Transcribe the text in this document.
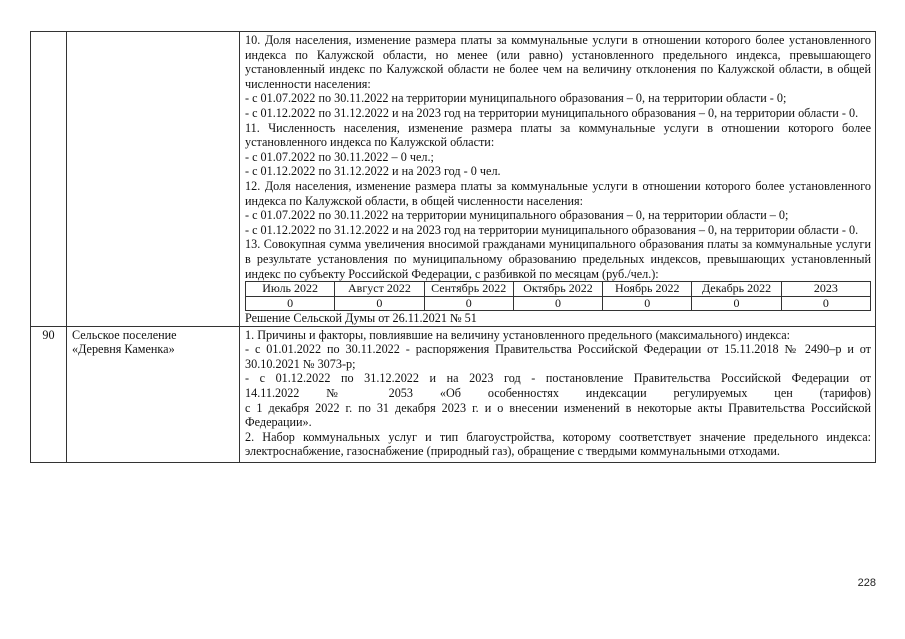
10. Доля населения, изменение размера платы за коммунальные услуги в отношении которого более установленного индекса по Калужской области, но менее (или равно) установленного предельного индекса, превышающего установленный индекс по Калужской области не более чем на величину отклонения по Калужской области, в общей численности населения:

- с 01.07.2022 по 30.11.2022 на территории муниципального образования – 0, на территории области - 0;

- с 01.12.2022 по 31.12.2022 и на 2023 год на территории муниципального образования – 0, на территории области - 0.

11. Численность населения, изменение размера платы за коммунальные услуги в отношении которого более установленного индекса по Калужской области:

- с 01.07.2022 по 30.11.2022 – 0 чел.;

- с 01.12.2022 по 31.12.2022 и на 2023 год - 0 чел.

12. Доля населения, изменение размера платы за коммунальные услуги в отношении которого более установленного индекса по Калужской области, в общей численности населения:

- с 01.07.2022 по 30.11.2022 на территории муниципального образования – 0, на территории области – 0;

- с 01.12.2022 по 31.12.2022 и на 2023 год на территории муниципального образования – 0, на территории области - 0.

13. Совокупная сумма увеличения вносимой гражданами муниципального образования платы за коммунальные услуги в результате установления по муниципальному образованию предельных индексов, превышающих установленный индекс по субъекту Российской Федерации, с разбивкой по месяцам (руб./чел.):

Июль 2022	Август 2022	Сентябрь 2022	Октябрь 2022	Ноябрь 2022	Декабрь 2022	2023
0	0	0	0	0	0	0

Решение Сельской Думы от 26.11.2021 № 51

90	Сельское поселение
«Деревня Каменка»

1. Причины и факторы, повлиявшие на величину установленного предельного (максимального) индекса:

- с 01.01.2022 по 30.11.2022 - распоряжения Правительства Российской Федерации от 15.11.2018 № 2490–р и от 30.10.2021 № 3073-р;

- с 01.12.2022 по 31.12.2022 и на 2023 год - постановление Правительства Российской Федерации от

14.11.2022 № 2053 «Об особенностях индексации регулируемых цен (тарифов)

с 1 декабря 2022 г. по 31 декабря 2023 г. и о внесении изменений в некоторые акты Правительства Российской Федерации».

2. Набор коммунальных услуг и тип благоустройства, которому соответствует значение предельного индекса: электроснабжение, газоснабжение (природный газ), обращение с твердыми коммунальными отходами.

228
